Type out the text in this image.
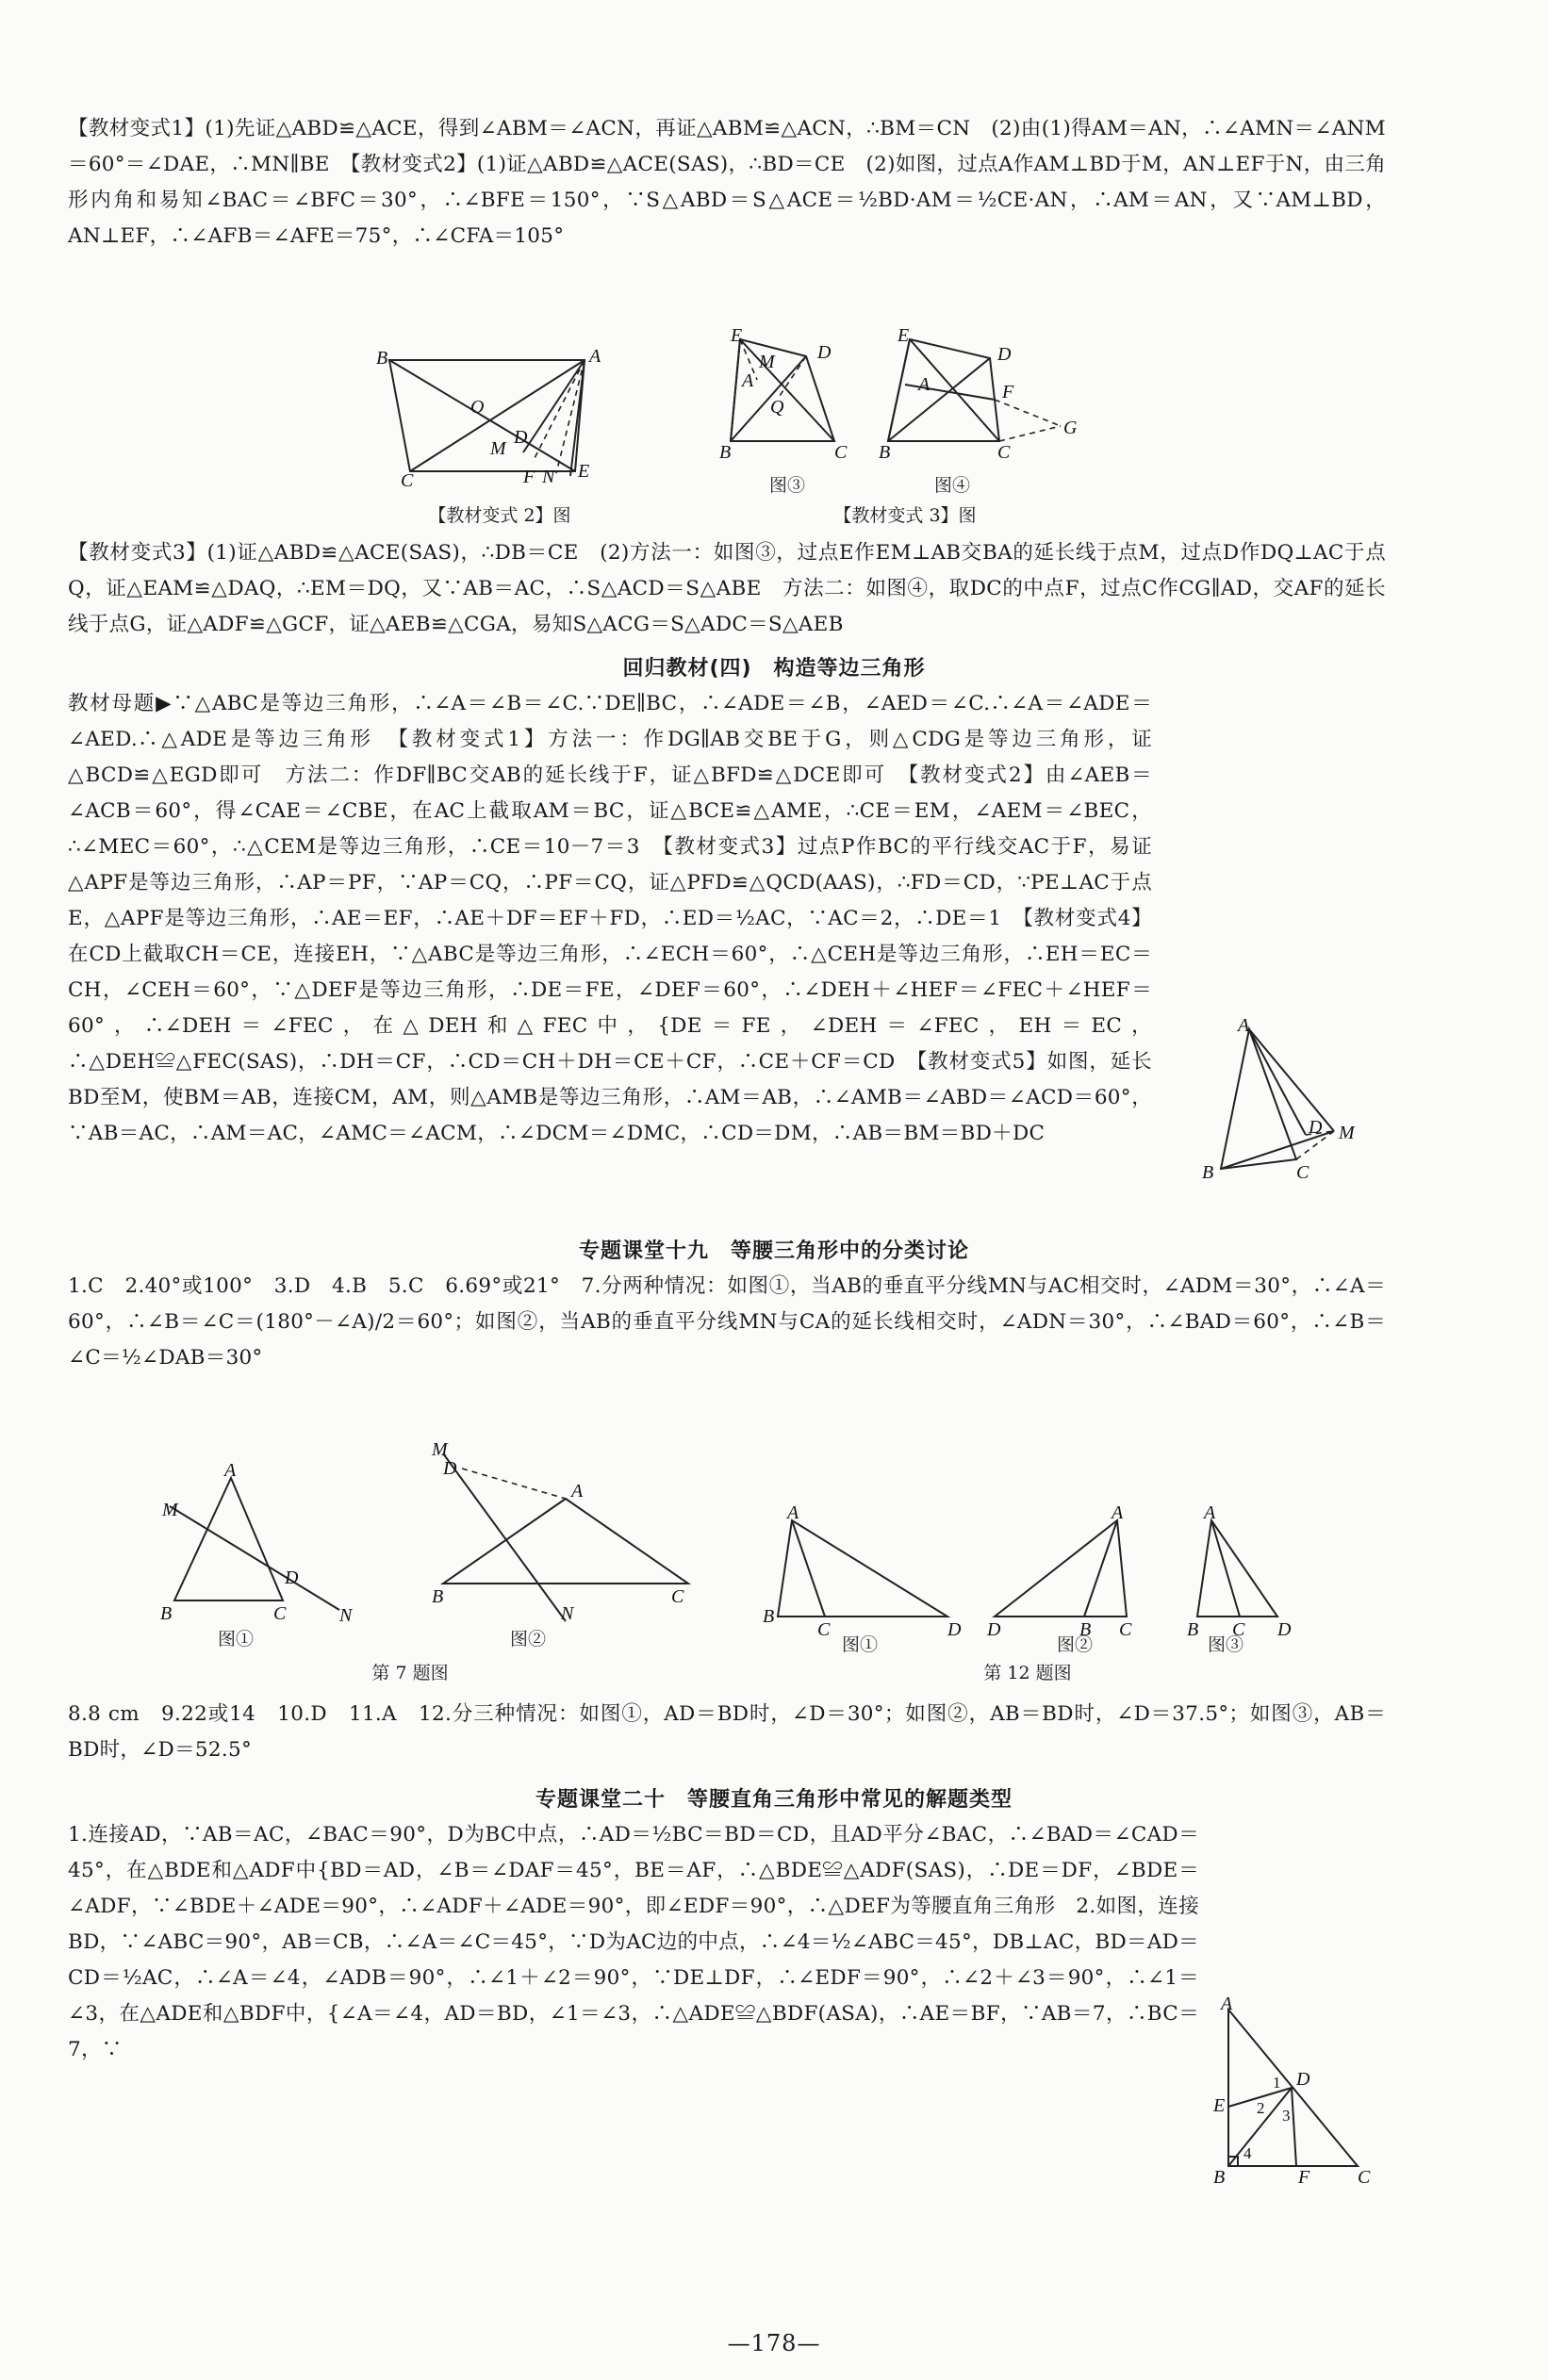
【教材变式1】(1)先证△ABD≌△ACE，得到∠ABM＝∠ACN，再证△ABM≌△ACN，∴BM＝CN　(2)由(1)得AM＝AN，∴∠AMN＝∠ANM＝60°＝∠DAE，∴MN∥BE　【教材变式2】(1)证△ABD≌△ACE(SAS)，∴BD＝CE　(2)如图，过点A作AM⊥BD于M，AN⊥EF于N，由三角形内角和易知∠BAC＝∠BFC＝30°，∴∠BFE＝150°，∵S△ABD＝S△ACE＝½BD·AM＝½CE·AN，∴AM＝AN，又∵AM⊥BD，AN⊥EF，∴∠AFB＝∠AFE＝75°，∴∠CFA＝105°
B	A
O
M
D
F N E
C
E
D
M
A
Q
B	C
E
D
A	F
G
B	C
【教材变式 2】图
图③	图④
【教材变式 3】图
【教材变式3】(1)证△ABD≌△ACE(SAS)，∴DB＝CE　(2)方法一：如图③，过点E作EM⊥AB交BA的延长线于点M，过点D作DQ⊥AC于点Q，证△EAM≌△DAQ，∴EM＝DQ，又∵AB＝AC，∴S△ACD＝S△ABE　方法二：如图④，取DC的中点F，过点C作CG∥AD，交AF的延长线于点G，证△ADF≌△GCF，证△AEB≌△CGA，易知S△ACG＝S△ADC＝S△AEB
回归教材(四)　构造等边三角形
教材母题▶∵△ABC是等边三角形，∴∠A＝∠B＝∠C.∵DE∥BC，∴∠ADE＝∠B，∠AED＝∠C.∴∠A＝∠ADE＝∠AED.∴△ADE是等边三角形　【教材变式1】方法一：作DG∥AB交BE于G，则△CDG是等边三角形，证△BCD≌△EGD即可　方法二：作DF∥BC交AB的延长线于F，证△BFD≌△DCE即可　【教材变式2】由∠AEB＝∠ACB＝60°，得∠CAE＝∠CBE，在AC上截取AM＝BC，证△BCE≌△AME，∴CE＝EM，∠AEM＝∠BEC，∴∠MEC＝60°，∴△CEM是等边三角形，∴CE＝10－7＝3　【教材变式3】过点P作BC的平行线交AC于F，易证△APF是等边三角形，∴AP＝PF，∵AP＝CQ，∴PF＝CQ，证△PFD≌△QCD(AAS)，∴FD＝CD，∵PE⊥AC于点E，△APF是等边三角形，∴AE＝EF，∴AE＋DF＝EF＋FD，∴ED＝½AC，∵AC＝2，∴DE＝1　【教材变式4】在CD上截取CH＝CE，连接EH，∵△ABC是等边三角形，∴∠ECH＝60°，∴△CEH是等边三角形，∴EH＝EC＝CH，∠CEH＝60°，∵△DEF是等边三角形，∴DE＝FE，∠DEF＝60°，∴∠DEH＋∠HEF＝∠FEC＋∠HEF＝60°，∴∠DEH＝∠FEC，在△DEH和△FEC中，{DE＝FE，∠DEH＝∠FEC，EH＝EC，∴△DEH≌△FEC(SAS)，∴DH＝CF，∴CD＝CH＋DH＝CE＋CF，∴CE＋CF＝CD　【教材变式5】如图，延长BD至M，使BM＝AB，连接CM，AM，则△AMB是等边三角形，∴AM＝AB，∴∠AMB＝∠ABD＝∠ACD＝60°，∵AB＝AC，∴AM＝AC，∠AMC＝∠ACM，∴∠DCM＝∠DMC，∴CD＝DM，∴AB＝BM＝BD＋DC
A
B	C
D M
专题课堂十九　等腰三角形中的分类讨论
1.C　2.40°或100°　3.D　4.B　5.C　6.69°或21°　7.分两种情况：如图①，当AB的垂直平分线MN与AC相交时，∠ADM＝30°，∴∠A＝60°，∴∠B＝∠C＝(180°－∠A)/2＝60°；如图②，当AB的垂直平分线MN与CA的延长线相交时，∠ADN＝30°，∴∠BAD＝60°，∴∠B＝∠C＝½∠DAB＝30°
A
M
D
B	C	N
图①
M
D
A
B	C
N
图②
第 7 题图
A
B
C	D
图①
A
D	B C
图②
A
B C D
图③
第 12 题图
8.8 cm　9.22或14　10.D　11.A　12.分三种情况：如图①，AD＝BD时，∠D＝30°；如图②，AB＝BD时，∠D＝37.5°；如图③，AB＝BD时，∠D＝52.5°
专题课堂二十　等腰直角三角形中常见的解题类型
1.连接AD，∵AB＝AC，∠BAC＝90°，D为BC中点，∴AD＝½BC＝BD＝CD，且AD平分∠BAC，∴∠BAD＝∠CAD＝45°，在△BDE和△ADF中{BD＝AD，∠B＝∠DAF＝45°，BE＝AF，∴△BDE≌△ADF(SAS)，∴DE＝DF，∠BDE＝∠ADF，∵∠BDE＋∠ADE＝90°，∴∠ADF＋∠ADE＝90°，即∠EDF＝90°，∴△DEF为等腰直角三角形　2.如图，连接BD，∵∠ABC＝90°，AB＝CB，∴∠A＝∠C＝45°，∵D为AC边的中点，∴∠4＝½∠ABC＝45°，DB⊥AC，BD＝AD＝CD＝½AC，∴∠A＝∠4，∠ADB＝90°，∴∠1＋∠2＝90°，∵DE⊥DF，∴∠EDF＝90°，∴∠2＋∠3＝90°，∴∠1＝∠3，在△ADE和△BDF中，{∠A＝∠4，AD＝BD，∠1＝∠3，∴△ADE≌△BDF(ASA)，∴AE＝BF，∵AB＝7，∴BC＝7，∵
A
D
E
B	F	C
1
2 3
4
—178—
